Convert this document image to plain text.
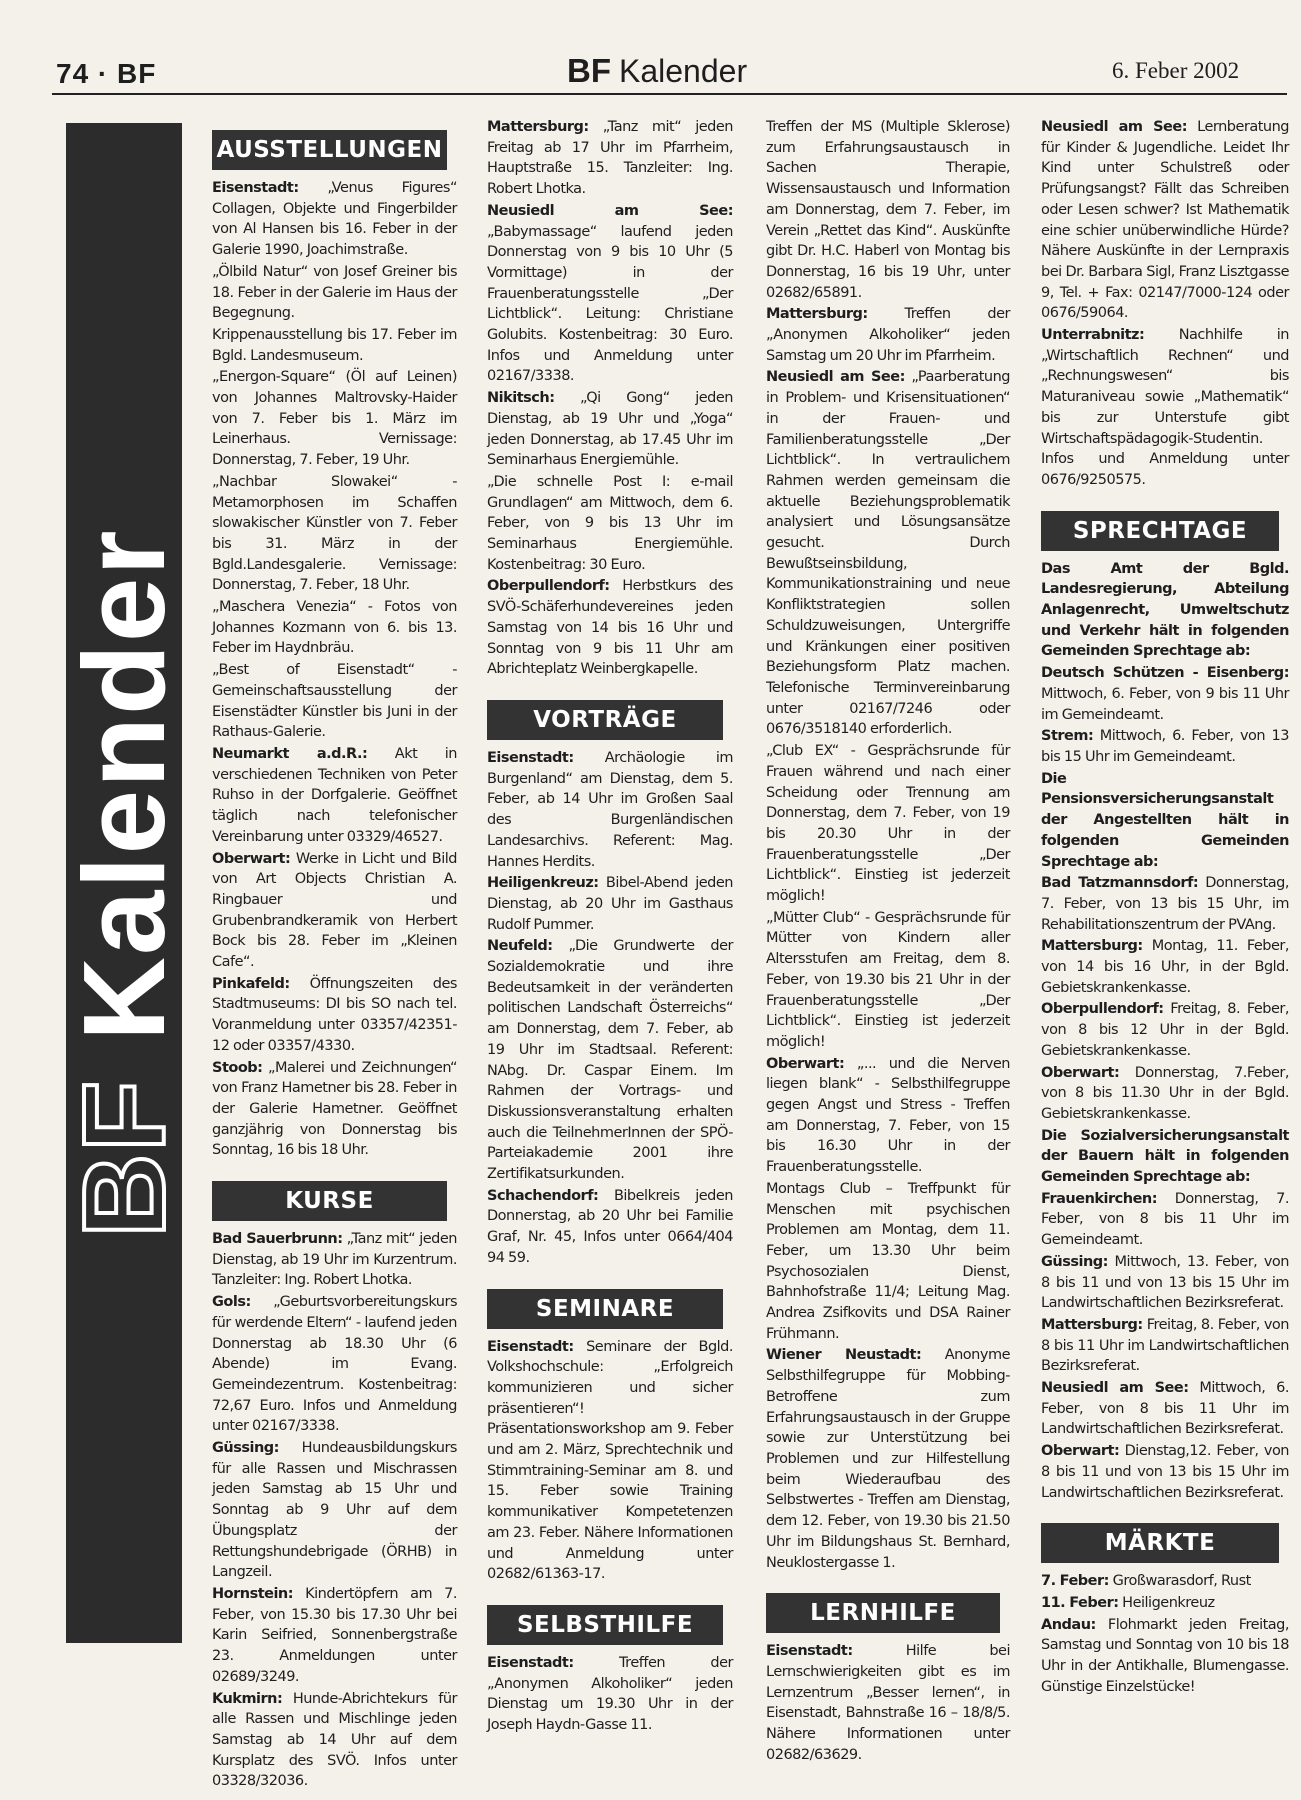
74 · BF	BF Kalender	6. Feber 2002
BFKalender
AUSSTELLUNGEN

Eisenstadt: „Venus Figures“ Collagen, Objekte und Fingerbilder von Al Hansen bis 16. Feber in der Galerie 1990, Joachimstraße.

„Ölbild Natur“ von Josef Greiner bis 18. Feber in der Galerie im Haus der Begegnung.

Krippenausstellung bis 17. Feber im Bgld. Landesmuseum.

„Energon-Square“ (Öl auf Leinen) von Johannes Maltrovsky-Haider von 7. Feber bis 1. März im Leinerhaus. Vernissage: Donnerstag, 7. Feber, 19 Uhr.

„Nachbar Slowakei“ - Metamorphosen im Schaffen slowakischer Künstler von 7. Feber bis 31. März in der Bgld.Landesgalerie. Vernissage: Donnerstag, 7. Feber, 18 Uhr.

„Maschera Venezia“ - Fotos von Johannes Kozmann von 6. bis 13. Feber im Haydnbräu.

„Best of Eisenstadt“ - Gemeinschaftsausstellung der Eisenstädter Künstler bis Juni in der Rathaus-Galerie.

Neumarkt a.d.R.: Akt in verschiedenen Techniken von Peter Ruhso in der Dorfgalerie. Geöffnet täglich nach telefonischer Vereinbarung unter 03329/46527.

Oberwart: Werke in Licht und Bild von Art Objects Christian A. Ringbauer und Grubenbrandkeramik von Herbert Bock bis 28. Feber im „Kleinen Cafe“.

Pinkafeld: Öffnungszeiten des Stadtmuseums: DI bis SO nach tel. Voranmeldung unter 03357/42351-12 oder 03357/4330.

Stoob: „Malerei und Zeichnungen“ von Franz Hametner bis 28. Feber in der Galerie Hametner. Geöffnet ganzjährig von Donnerstag bis Sonntag, 16 bis 18 Uhr.

KURSE

Bad Sauerbrunn: „Tanz mit“ jeden Dienstag, ab 19 Uhr im Kurzentrum. Tanzleiter: Ing. Robert Lhotka.

Gols: „Geburtsvorbereitungskurs für werdende Eltern“ - laufend jeden Donnerstag ab 18.30 Uhr (6 Abende) im Evang. Gemeindezentrum. Kostenbeitrag: 72,67 Euro. Infos und Anmeldung unter 02167/3338.

Güssing: Hundeausbildungskurs für alle Rassen und Mischrassen jeden Samstag ab 15 Uhr und Sonntag ab 9 Uhr auf dem Übungsplatz der Rettungshundebrigade (ÖRHB) in Langzeil.

Hornstein: Kindertöpfern am 7. Feber, von 15.30 bis 17.30 Uhr bei Karin Seifried, Sonnenbergstraße 23. Anmeldungen unter 02689/3249.

Kukmirn: Hunde-Abrichtekurs für alle Rassen und Mischlinge jeden Samstag ab 14 Uhr auf dem Kursplatz des SVÖ. Infos unter 03328/32036.

Mattersburg: „Tanz mit“ jeden Freitag ab 17 Uhr im Pfarrheim, Hauptstraße 15. Tanzleiter: Ing. Robert Lhotka.

Neusiedl am See: „Babymassage“ laufend jeden Donnerstag von 9 bis 10 Uhr (5 Vormittage) in der Frauenberatungsstelle „Der Lichtblick“. Leitung: Christiane Golubits. Kostenbeitrag: 30 Euro. Infos und Anmeldung unter 02167/3338.

Nikitsch: „Qi Gong“ jeden Dienstag, ab 19 Uhr und „Yoga“ jeden Donnerstag, ab 17.45 Uhr im Seminarhaus Energiemühle.

„Die schnelle Post I: e-mail Grundlagen“ am Mittwoch, dem 6. Feber, von 9 bis 13 Uhr im Seminarhaus Energiemühle. Kostenbeitrag: 30 Euro.

Oberpullendorf: Herbstkurs des SVÖ-Schäferhundevereines jeden Samstag von 14 bis 16 Uhr und Sonntag von 9 bis 11 Uhr am Abrichteplatz Weinbergkapelle.

VORTRÄGE

Eisenstadt: Archäologie im Burgenland“ am Dienstag, dem 5. Feber, ab 14 Uhr im Großen Saal des Burgenländischen Landesarchivs. Referent: Mag. Hannes Herdits.

Heiligenkreuz: Bibel-Abend jeden Dienstag, ab 20 Uhr im Gasthaus Rudolf Pummer.

Neufeld: „Die Grundwerte der Sozialdemokratie und ihre Bedeutsamkeit in der veränderten politischen Landschaft Österreichs“ am Donnerstag, dem 7. Feber, ab 19 Uhr im Stadtsaal. Referent: NAbg. Dr. Caspar Einem. Im Rahmen der Vortrags- und Diskussionsveranstaltung erhalten auch die TeilnehmerInnen der SPÖ-Parteiakademie 2001 ihre Zertifikatsurkunden.

Schachendorf: Bibelkreis jeden Donnerstag, ab 20 Uhr bei Familie Graf, Nr. 45, Infos unter 0664/404 94 59.

SEMINARE

Eisenstadt: Seminare der Bgld. Volkshochschule: „Erfolgreich kommunizieren und sicher präsentieren“! Präsentationsworkshop am 9. Feber und am 2. März, Sprechtechnik und Stimmtraining-Seminar am 8. und 15. Feber sowie Training kommunikativer Kompetetenzen am 23. Feber. Nähere Informationen und Anmeldung unter 02682/61363-17.

SELBSTHILFE

Eisenstadt: Treffen der „Anonymen Alkoholiker“ jeden Dienstag um 19.30 Uhr in der Joseph Haydn-Gasse 11.

Treffen der MS (Multiple Sklerose) zum Erfahrungsaustausch in Sachen Therapie, Wissensaustausch und Information am Donnerstag, dem 7. Feber, im Verein „Rettet das Kind“. Auskünfte gibt Dr. H.C. Haberl von Montag bis Donnerstag, 16 bis 19 Uhr, unter 02682/65891.

Mattersburg: Treffen der „Anonymen Alkoholiker“ jeden Samstag um 20 Uhr im Pfarrheim.

Neusiedl am See: „Paarberatung in Problem- und Krisensituationen“ in der Frauen- und Familienberatungsstelle „Der Lichtblick“. In vertraulichem Rahmen werden gemeinsam die aktuelle Beziehungsproblematik analysiert und Lösungsansätze gesucht. Durch Bewußtseinsbildung, Kommunikationstraining und neue Konfliktstrategien sollen Schuldzuweisungen, Untergriffe und Kränkungen einer positiven Beziehungsform Platz machen. Telefonische Terminvereinbarung unter 02167/7246 oder 0676/3518140 erforderlich.

„Club EX“ - Gesprächsrunde für Frauen während und nach einer Scheidung oder Trennung am Donnerstag, dem 7. Feber, von 19 bis 20.30 Uhr in der Frauenberatungsstelle „Der Lichtblick“. Einstieg ist jederzeit möglich!

„Mütter Club“ - Gesprächsrunde für Mütter von Kindern aller Altersstufen am Freitag, dem 8. Feber, von 19.30 bis 21 Uhr in der Frauenberatungsstelle „Der Lichtblick“. Einstieg ist jederzeit möglich!

Oberwart: „... und die Nerven liegen blank“ - Selbsthilfegruppe gegen Angst und Stress - Treffen am Donnerstag, 7. Feber, von 15 bis 16.30 Uhr in der Frauenberatungsstelle.

Montags Club – Treffpunkt für Menschen mit psychischen Problemen am Montag, dem 11. Feber, um 13.30 Uhr beim Psychosozialen Dienst, Bahnhofstraße 11/4; Leitung Mag. Andrea Zsifkovits und DSA Rainer Frühmann.

Wiener Neustadt: Anonyme Selbsthilfegruppe für Mobbing-Betroffene zum Erfahrungsaustausch in der Gruppe sowie zur Unterstützung bei Problemen und zur Hilfestellung beim Wiederaufbau des Selbstwertes - Treffen am Dienstag, dem 12. Feber, von 19.30 bis 21.50 Uhr im Bildungshaus St. Bernhard, Neuklostergasse 1.

LERNHILFE

Eisenstadt: Hilfe bei Lernschwierigkeiten gibt es im Lernzentrum „Besser lernen“, in Eisenstadt, Bahnstraße 16 – 18/8/5. Nähere Informationen unter 02682/63629.

Neusiedl am See: Lernberatung für Kinder & Jugendliche. Leidet Ihr Kind unter Schulstreß oder Prüfungsangst? Fällt das Schreiben oder Lesen schwer? Ist Mathematik eine schier unüberwindliche Hürde? Nähere Auskünfte in der Lernpraxis bei Dr. Barbara Sigl, Franz Lisztgasse 9, Tel. + Fax: 02147/7000-124 oder 0676/59064.

Unterrabnitz: Nachhilfe in „Wirtschaftlich Rechnen“ und „Rechnungswesen“ bis Maturaniveau sowie „Mathematik“ bis zur Unterstufe gibt Wirtschaftspädagogik-Studentin. Infos und Anmeldung unter 0676/9250575.

SPRECHTAGE

Das Amt der Bgld. Landesregierung, Abteilung Anlagenrecht, Umweltschutz und Verkehr hält in folgenden Gemeinden Sprechtage ab:

Deutsch Schützen - Eisenberg: Mittwoch, 6. Feber, von 9 bis 11 Uhr im Gemeindeamt.

Strem: Mittwoch, 6. Feber, von 13 bis 15 Uhr im Gemeindeamt.

Die Pensionsversicherungsanstalt der Angestellten hält in folgenden Gemeinden Sprechtage ab:

Bad Tatzmannsdorf: Donnerstag, 7. Feber, von 13 bis 15 Uhr, im Rehabilitationszentrum der PVAng.

Mattersburg: Montag, 11. Feber, von 14 bis 16 Uhr, in der Bgld. Gebietskrankenkasse.

Oberpullendorf: Freitag, 8. Feber, von 8 bis 12 Uhr in der Bgld. Gebietskrankenkasse.

Oberwart: Donnerstag, 7.Feber, von 8 bis 11.30 Uhr in der Bgld. Gebietskrankenkasse.

Die Sozialversicherungsanstalt der Bauern hält in folgenden Gemeinden Sprechtage ab:

Frauenkirchen: Donnerstag, 7. Feber, von 8 bis 11 Uhr im Gemeindeamt.

Güssing: Mittwoch, 13. Feber, von 8 bis 11 und von 13 bis 15 Uhr im Landwirtschaftlichen Bezirksreferat.

Mattersburg: Freitag, 8. Feber, von 8 bis 11 Uhr im Landwirtschaftlichen Bezirksreferat.

Neusiedl am See: Mittwoch, 6. Feber, von 8 bis 11 Uhr im Landwirtschaftlichen Bezirksreferat.

Oberwart: Dienstag,12. Feber, von 8 bis 11 und von 13 bis 15 Uhr im Landwirtschaftlichen Bezirksreferat.

MÄRKTE

7. Feber: Großwarasdorf, Rust

11. Feber: Heiligenkreuz

Andau: Flohmarkt jeden Freitag, Samstag und Sonntag von 10 bis 18 Uhr in der Antikhalle, Blumengasse. Günstige Einzelstücke!
